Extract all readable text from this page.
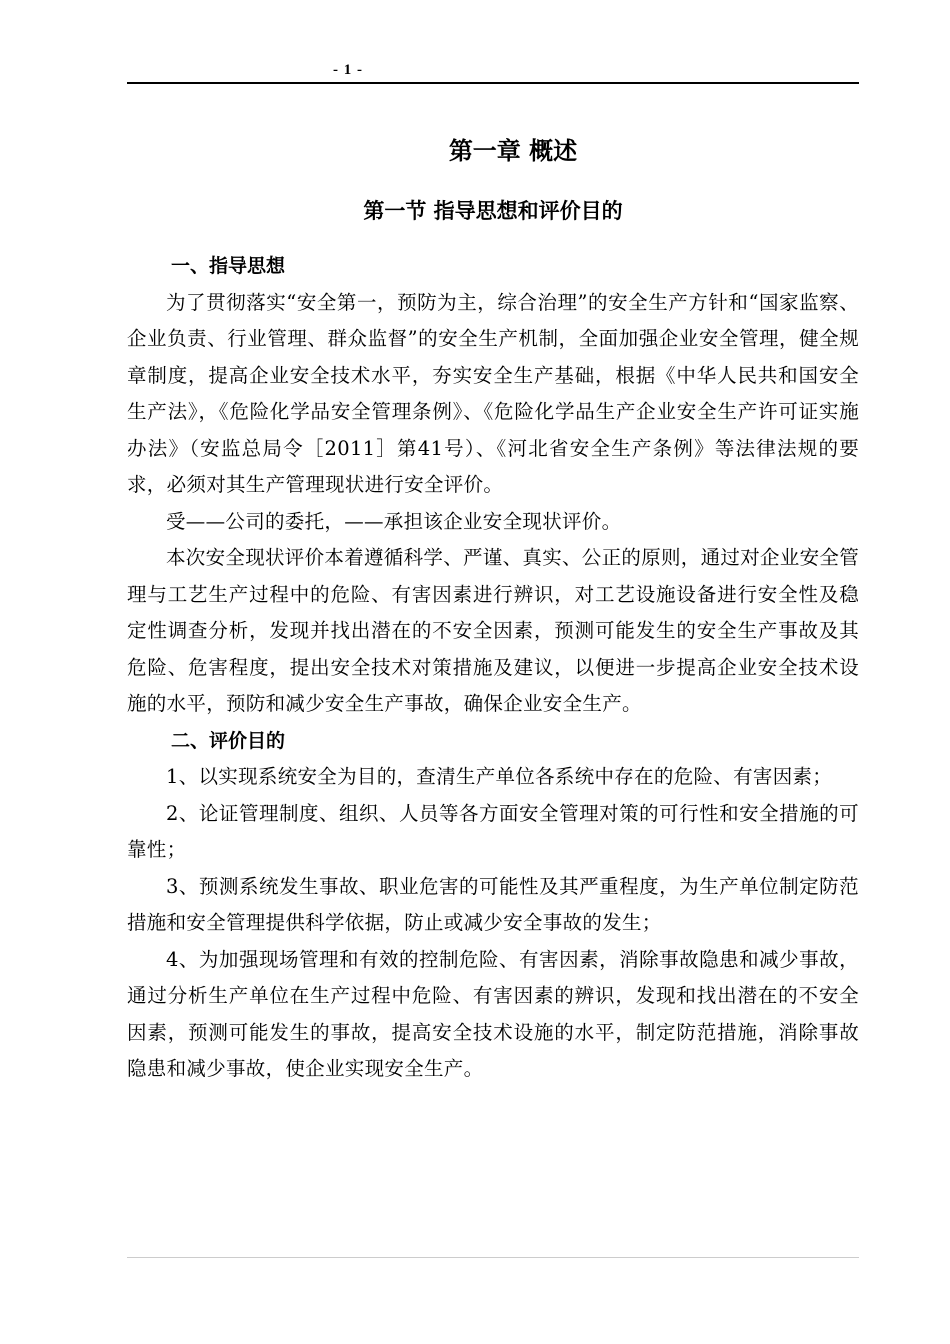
- 1 -
第一章 概述
第一节 指导思想和评价目的
一、指导思想

为了贯彻落实“安全第一，预防为主，综合治理”的安全生产方针和“国家监察、企业负责、行业管理、群众监督”的安全生产机制，全面加强企业安全管理，健全规章制度，提高企业安全技术水平，夯实安全生产基础，根据《中华人民共和国安全生产法》，《危险化学品安全管理条例》、《危险化学品生产企业安全生产许可证实施办法》（安监总局令［2011］第41号）、《河北省安全生产条例》等法律法规的要求，必须对其生产管理现状进行安全评价。

受——公司的委托，——承担该企业安全现状评价。

本次安全现状评价本着遵循科学、严谨、真实、公正的原则，通过对企业安全管理与工艺生产过程中的危险、有害因素进行辨识，对工艺设施设备进行安全性及稳定性调查分析，发现并找出潜在的不安全因素，预测可能发生的安全生产事故及其危险、危害程度，提出安全技术对策措施及建议，以便进一步提高企业安全技术设施的水平，预防和减少安全生产事故，确保企业安全生产。

二、评价目的

1、以实现系统安全为目的，查清生产单位各系统中存在的危险、有害因素；

2、论证管理制度、组织、人员等各方面安全管理对策的可行性和安全措施的可靠性；

3、预测系统发生事故、职业危害的可能性及其严重程度，为生产单位制定防范措施和安全管理提供科学依据，防止或减少安全事故的发生；

4、为加强现场管理和有效的控制危险、有害因素，消除事故隐患和减少事故，通过分析生产单位在生产过程中危险、有害因素的辨识，发现和找出潜在的不安全因素，预测可能发生的事故，提高安全技术设施的水平，制定防范措施，消除事故隐患和减少事故，使企业实现安全生产。
